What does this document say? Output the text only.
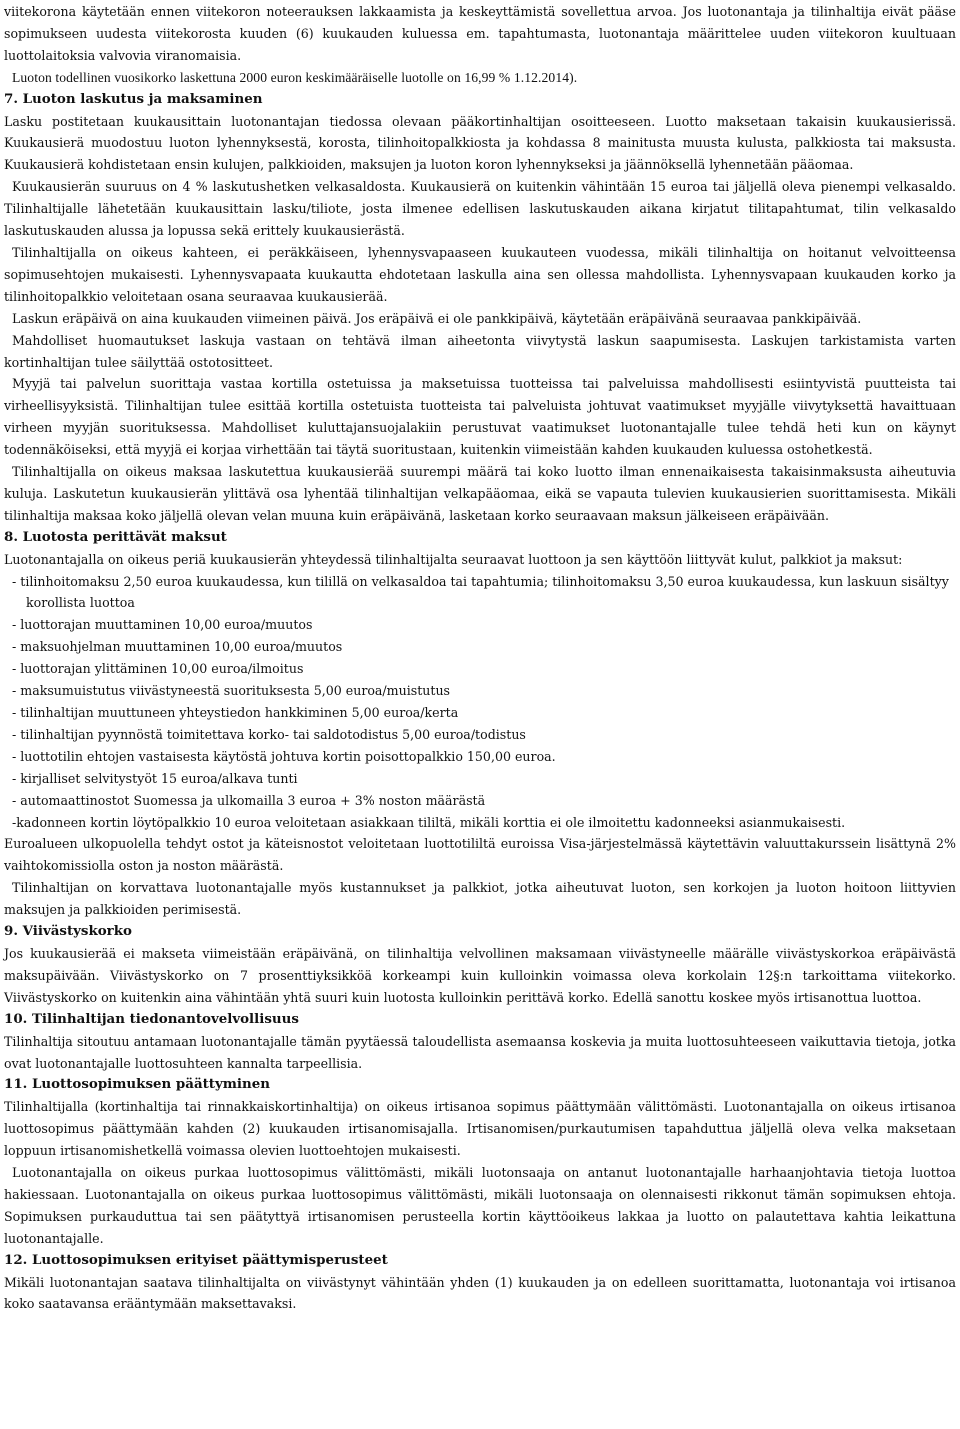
viitekorona käytetään ennen viitekoron noteerauksen lakkaamista ja keskeyttämistä sovellettua arvoa. Jos luotonantaja ja tilinhaltija eivät pääse sopimukseen uudesta viitekorosta kuuden (6) kuukauden kuluessa em. tapahtumasta, luotonantaja määrittelee uuden viitekoron kuultuaan luottolaitoksia valvovia viranomaisia.

Luoton todellinen vuosikorko laskettuna 2000 euron keskimääräiselle luotolle on 16,99 % 1.12.2014).

7. Luoton laskutus ja maksaminen

Lasku postitetaan kuukausittain luotonantajan tiedossa olevaan pääkortinhaltijan osoitteeseen. Luotto maksetaan takaisin kuukausierissä. Kuukausierä muodostuu luoton lyhennyksestä, korosta, tilinhoitopalkkiosta ja kohdassa 8 mainitusta muusta kulusta, palkkiosta tai maksusta. Kuukausierä kohdistetaan ensin kulujen, palkkioiden, maksujen ja luoton koron lyhennykseksi ja jäännöksellä lyhennetään pääomaa.

Kuukausierän suuruus on 4 % laskutushetken velkasaldosta. Kuukausierä on kuitenkin vähintään 15 euroa tai jäljellä oleva pienempi velkasaldo. Tilinhaltijalle lähetetään kuukausittain lasku/tiliote, josta ilmenee edellisen laskutuskauden aikana kirjatut tilitapahtumat, tilin velkasaldo laskutuskauden alussa ja lopussa sekä erittely kuukausierästä.

Tilinhaltijalla on oikeus kahteen, ei peräkkäiseen, lyhennysvapaaseen kuukauteen vuodessa, mikäli tilinhaltija on hoitanut velvoitteensa sopimusehtojen mukaisesti. Lyhennysvapaata kuukautta ehdotetaan laskulla aina sen ollessa mahdollista. Lyhennysvapaan kuukauden korko ja tilinhoitopalkkio veloitetaan osana seuraavaa kuukausierää.

Laskun eräpäivä on aina kuukauden viimeinen päivä. Jos eräpäivä ei ole pankkipäivä, käytetään eräpäivänä seuraavaa pankkipäivää.

Mahdolliset huomautukset laskuja vastaan on tehtävä ilman aiheetonta viivytystä laskun saapumisesta. Laskujen tarkistamista varten kortinhaltijan tulee säilyttää ostotositteet.

Myyjä tai palvelun suorittaja vastaa kortilla ostetuissa ja maksetuissa tuotteissa tai palveluissa mahdollisesti esiintyvistä puutteista tai virheellisyyksistä. Tilinhaltijan tulee esittää kortilla ostetuista tuotteista tai palveluista johtuvat vaatimukset myyjälle viivytyksettä havaittuaan virheen myyjän suorituksessa. Mahdolliset kuluttajansuojalakiin perustuvat vaatimukset luotonantajalle tulee tehdä heti kun on käynyt todennäköiseksi, että myyjä ei korjaa virhettään tai täytä suoritustaan, kuitenkin viimeistään kahden kuukauden kuluessa ostohetkestä.

Tilinhaltijalla on oikeus maksaa laskutettua kuukausierää suurempi määrä tai koko luotto ilman ennenaikaisesta takaisinmaksusta aiheutuvia kuluja. Laskutetun kuukausierän ylittävä osa lyhentää tilinhaltijan velkapääomaa, eikä se vapauta tulevien kuukausierien suorittamisesta. Mikäli tilinhaltija maksaa koko jäljellä olevan velan muuna kuin eräpäivänä, lasketaan korko seuraavaan maksun jälkeiseen eräpäivään.

8. Luotosta perittävät maksut

Luotonantajalla on oikeus periä kuukausierän yhteydessä tilinhaltijalta seuraavat luottoon ja sen käyttöön liittyvät kulut, palkkiot ja maksut:

- tilinhoitomaksu 2,50 euroa kuukaudessa, kun tilillä on velkasaldoa tai tapahtumia; tilinhoitomaksu 3,50 euroa kuukaudessa, kun laskuun sisältyy korollista luottoa
- luottorajan muuttaminen 10,00 euroa/muutos
- maksuohjelman muuttaminen 10,00 euroa/muutos
- luottorajan ylittäminen 10,00 euroa/ilmoitus
- maksumuistutus viivästyneestä suorituksesta 5,00 euroa/muistutus
- tilinhaltijan muuttuneen yhteystiedon hankkiminen 5,00 euroa/kerta
- tilinhaltijan pyynnöstä toimitettava korko- tai saldotodistus 5,00 euroa/todistus
- luottotilin ehtojen vastaisesta käytöstä johtuva kortin poisottopalkkio 150,00 euroa.
- kirjalliset selvitystyöt 15 euroa/alkava tunti
- automaattinostot Suomessa ja ulkomailla 3 euroa + 3% noston määrästä
-kadonneen kortin löytöpalkkio 10 euroa veloitetaan asiakkaan tililtä, mikäli korttia ei ole ilmoitettu kadonneeksi asianmukaisesti.

Euroalueen ulkopuolella tehdyt ostot ja käteisnostot veloitetaan luottotililtä euroissa Visa-järjestelmässä käytettävin valuuttakurssein lisättynä 2% vaihtokomissiolla oston ja noston määrästä.

Tilinhaltijan on korvattava luotonantajalle myös kustannukset ja palkkiot, jotka aiheutuvat luoton, sen korkojen ja luoton hoitoon liittyvien maksujen ja palkkioiden perimisestä.

9. Viivästyskorko

Jos kuukausierää ei makseta viimeistään eräpäivänä, on tilinhaltija velvollinen maksamaan viivästyneelle määrälle viivästyskorkoa eräpäivästä maksupäivään. Viivästyskorko on 7 prosenttiyksikköä korkeampi kuin kulloinkin voimassa oleva korkolain 12§:n tarkoittama viitekorko. Viivästyskorko on kuitenkin aina vähintään yhtä suuri kuin luotosta kulloinkin perittävä korko. Edellä sanottu koskee myös irtisanottua luottoa.

10. Tilinhaltijan tiedonantovelvollisuus

Tilinhaltija sitoutuu antamaan luotonantajalle tämän pyytäessä taloudellista asemaansa koskevia ja muita luottosuhteeseen vaikuttavia tietoja, jotka ovat luotonantajalle luottosuhteen kannalta tarpeellisia.

11. Luottosopimuksen päättyminen

Tilinhaltijalla (kortinhaltija tai rinnakkaiskortinhaltija) on oikeus irtisanoa sopimus päättymään välittömästi. Luotonantajalla on oikeus irtisanoa luottosopimus päättymään kahden (2) kuukauden irtisanomisajalla. Irtisanomisen/purkautumisen tapahduttua jäljellä oleva velka maksetaan loppuun irtisanomishetkellä voimassa olevien luottoehtojen mukaisesti.

Luotonantajalla on oikeus purkaa luottosopimus välittömästi, mikäli luotonsaaja on antanut luotonantajalle harhaanjohtavia tietoja luottoa hakiessaan. Luotonantajalla on oikeus purkaa luottosopimus välittömästi, mikäli luotonsaaja on olennaisesti rikkonut tämän sopimuksen ehtoja. Sopimuksen purkauduttua tai sen päätyttyä irtisanomisen perusteella kortin käyttöoikeus lakkaa ja luotto on palautettava kahtia leikattuna luotonantajalle.

12. Luottosopimuksen erityiset päättymisperusteet

Mikäli luotonantajan saatava tilinhaltijalta on viivästynyt vähintään yhden (1) kuukauden ja on edelleen suorittamatta, luotonantaja voi irtisanoa koko saatavansa erääntymään maksettavaksi.
